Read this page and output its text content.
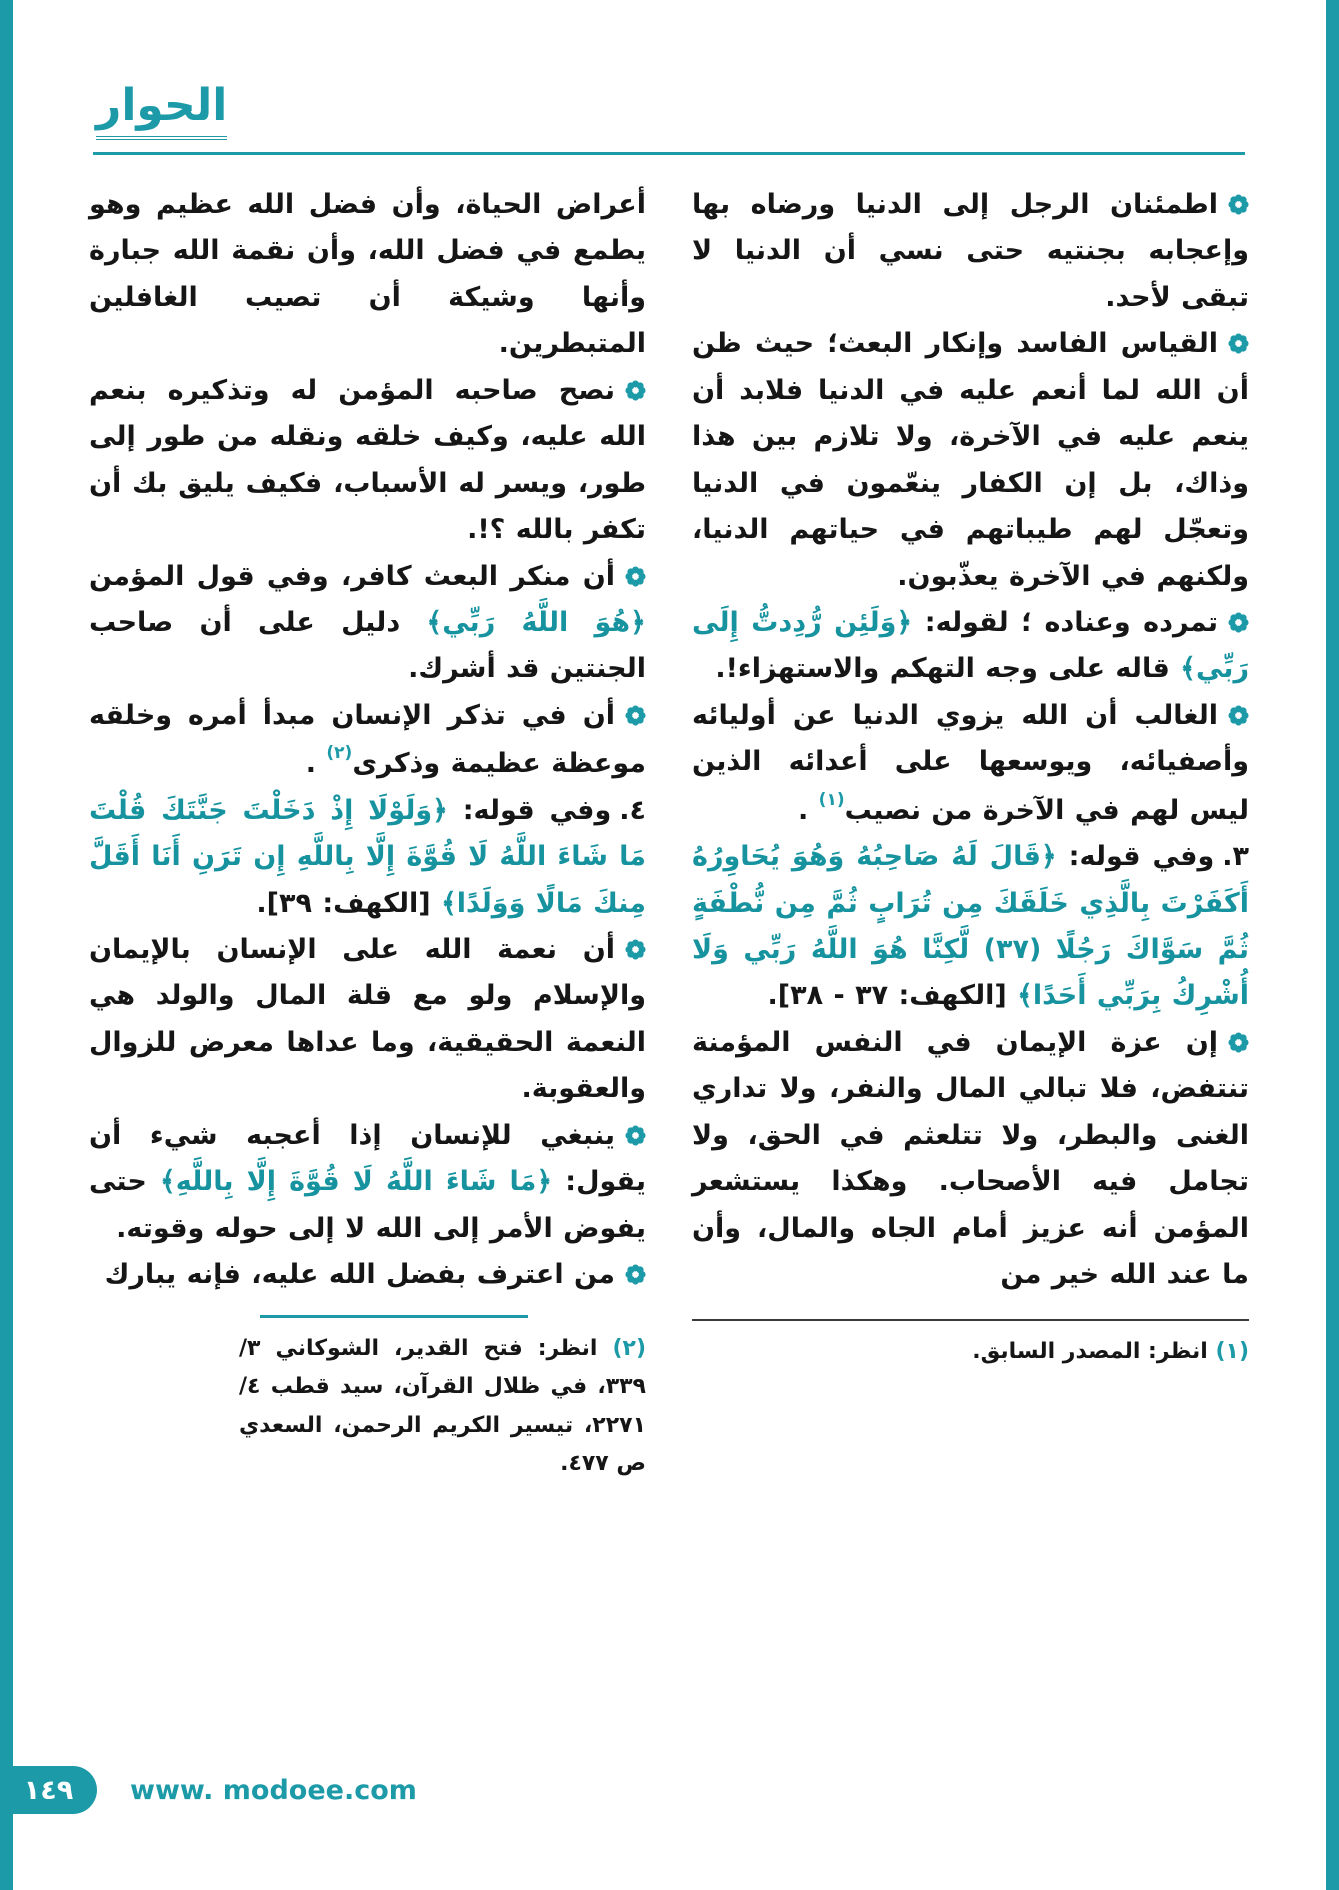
الحوار

اطمئنان الرجل إلى الدنيا ورضاه بها وإعجابه بجنتيه حتى نسي أن الدنيا لا تبقى لأحد.

القياس الفاسد وإنكار البعث؛ حيث ظن أن الله لما أنعم عليه في الدنيا فلابد أن ينعم عليه في الآخرة، ولا تلازم بين هذا وذاك، بل إن الكفار ينعّمون في الدنيا وتعجّل لهم طيباتهم في حياتهم الدنيا، ولكنهم في الآخرة يعذّبون.

تمرده وعناده ؛ لقوله: ﴿وَلَئِن رُّدِدتُّ إِلَى رَبِّي﴾ قاله على وجه التهكم والاستهزاء!.

الغالب أن الله يزوي الدنيا عن أوليائه وأصفيائه، ويوسعها على أعدائه الذين ليس لهم في الآخرة من نصيب$^{(١)}$ .

٣.وفي قوله: ﴿قَالَ لَهُ صَاحِبُهُ وَهُوَ يُحَاوِرُهُ أَكَفَرْتَ بِالَّذِي خَلَقَكَ مِن تُرَابٍ ثُمَّ مِن نُّطْفَةٍ ثُمَّ سَوَّاكَ رَجُلًا (٣٧) لَّكِنَّا هُوَ اللَّهُ رَبِّي وَلَا أُشْرِكُ بِرَبِّي أَحَدًا﴾ [الكهف: ٣٧ - ٣٨].

إن عزة الإيمان في النفس المؤمنة تنتفض، فلا تبالي المال والنفر، ولا تداري الغنى والبطر، ولا تتلعثم في الحق، ولا تجامل فيه الأصحاب. وهكذا يستشعر المؤمن أنه عزيز أمام الجاه والمال، وأن ما عند الله خير من

(١) انظر: المصدر السابق.

أعراض الحياة، وأن فضل الله عظيم وهو يطمع في فضل الله، وأن نقمة الله جبارة وأنها وشيكة أن تصيب الغافلين المتبطرين.

نصح صاحبه المؤمن له وتذكيره بنعم الله عليه، وكيف خلقه ونقله من طور إلى طور، ويسر له الأسباب، فكيف يليق بك أن تكفر بالله ؟!.

أن منكر البعث كافر، وفي قول المؤمن ﴿هُوَ اللَّهُ رَبِّي﴾ دليل على أن صاحب الجنتين قد أشرك.

أن في تذكر الإنسان مبدأ أمره وخلقه موعظة عظيمة وذكرى$^{(٢)}$ .

٤.وفي قوله: ﴿وَلَوْلَا إِذْ دَخَلْتَ جَنَّتَكَ قُلْتَ مَا شَاءَ اللَّهُ لَا قُوَّةَ إِلَّا بِاللَّهِ إِن تَرَنِ أَنَا أَقَلَّ مِنكَ مَالًا وَوَلَدًا﴾ [الكهف: ٣٩].

أن نعمة الله على الإنسان بالإيمان والإسلام ولو مع قلة المال والولد هي النعمة الحقيقية، وما عداها معرض للزوال والعقوبة.

ينبغي للإنسان إذا أعجبه شيء أن يقول: ﴿مَا شَاءَ اللَّهُ لَا قُوَّةَ إِلَّا بِاللَّهِ﴾ حتى يفوض الأمر إلى الله لا إلى حوله وقوته.

من اعترف بفضل الله عليه، فإنه يبارك

(٢) انظر: فتح القدير، الشوكاني ٣/ ٣٣٩، في ظلال القرآن، سيد قطب ٤/ ٢٢٧١، تيسير الكريم الرحمن، السعدي ص ٤٧٧.

١٤٩ www. modoee.com
